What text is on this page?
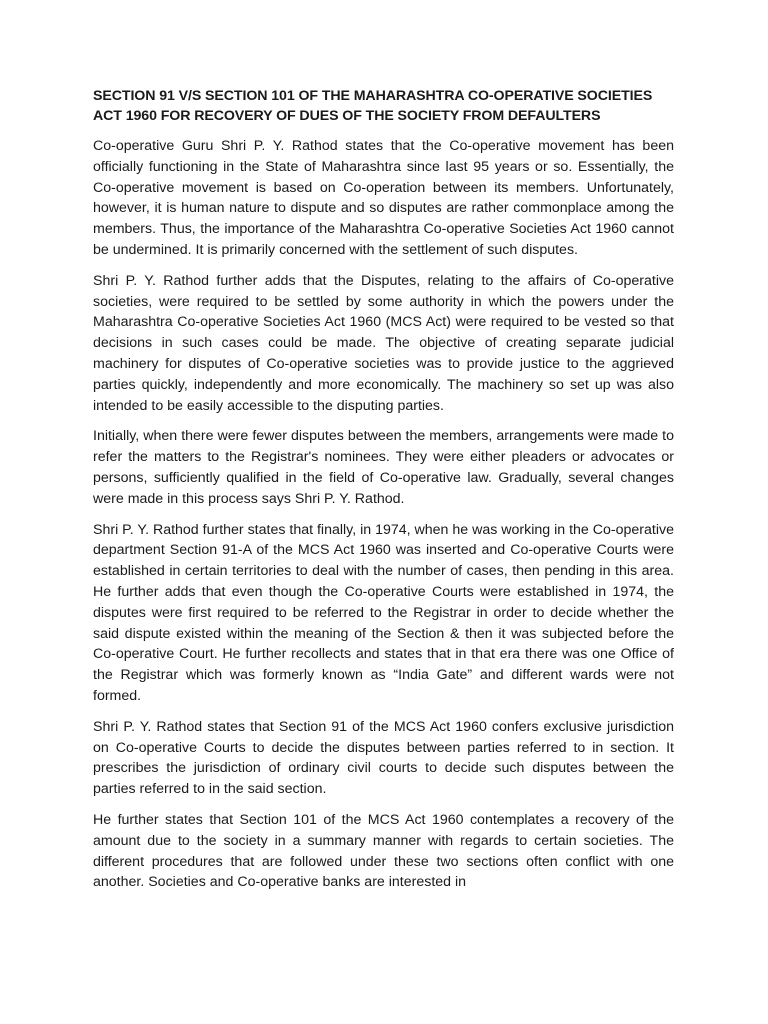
SECTION 91 V/S SECTION 101 OF THE MAHARASHTRA CO-OPERATIVE SOCIETIES ACT 1960 FOR RECOVERY OF DUES OF THE SOCIETY FROM DEFAULTERS

Co-operative Guru Shri P. Y. Rathod states that the Co-operative movement has been officially functioning in the State of Maharashtra since last 95 years or so. Essentially, the Co-operative movement is based on Co-operation between its members. Unfortunately, however, it is human nature to dispute and so disputes are rather commonplace among the members. Thus, the importance of the Maharashtra Co-operative Societies Act 1960 cannot be undermined. It is primarily concerned with the settlement of such disputes.

Shri P. Y. Rathod further adds that the Disputes, relating to the affairs of Co-operative societies, were required to be settled by some authority in which the powers under the Maharashtra Co-operative Societies Act 1960 (MCS Act) were required to be vested so that decisions in such cases could be made. The objective of creating separate judicial machinery for disputes of Co-operative societies was to provide justice to the aggrieved parties quickly, independently and more economically. The machinery so set up was also intended to be easily accessible to the disputing parties.

Initially, when there were fewer disputes between the members, arrangements were made to refer the matters to the Registrar's nominees. They were either pleaders or advocates or persons, sufficiently qualified in the field of Co-operative law. Gradually, several changes were made in this process says Shri P. Y. Rathod.

Shri P. Y. Rathod further states that finally, in 1974, when he was working in the Co-operative department Section 91-A of the MCS Act 1960 was inserted and Co-operative Courts were established in certain territories to deal with the number of cases, then pending in this area. He further adds that even though the Co-operative Courts were established in 1974, the disputes were first required to be referred to the Registrar in order to decide whether the said dispute existed within the meaning of the Section & then it was subjected before the Co-operative Court. He further recollects and states that in that era there was one Office of the Registrar which was formerly known as “India Gate” and different wards were not formed.

Shri P. Y. Rathod states that Section 91 of the MCS Act 1960 confers exclusive jurisdiction on Co-operative Courts to decide the disputes between parties referred to in section. It prescribes the jurisdiction of ordinary civil courts to decide such disputes between the parties referred to in the said section.

He further states that Section 101 of the MCS Act 1960 contemplates a recovery of the amount due to the society in a summary manner with regards to certain societies. The different procedures that are followed under these two sections often conflict with one another. Societies and Co-operative banks are interested in
